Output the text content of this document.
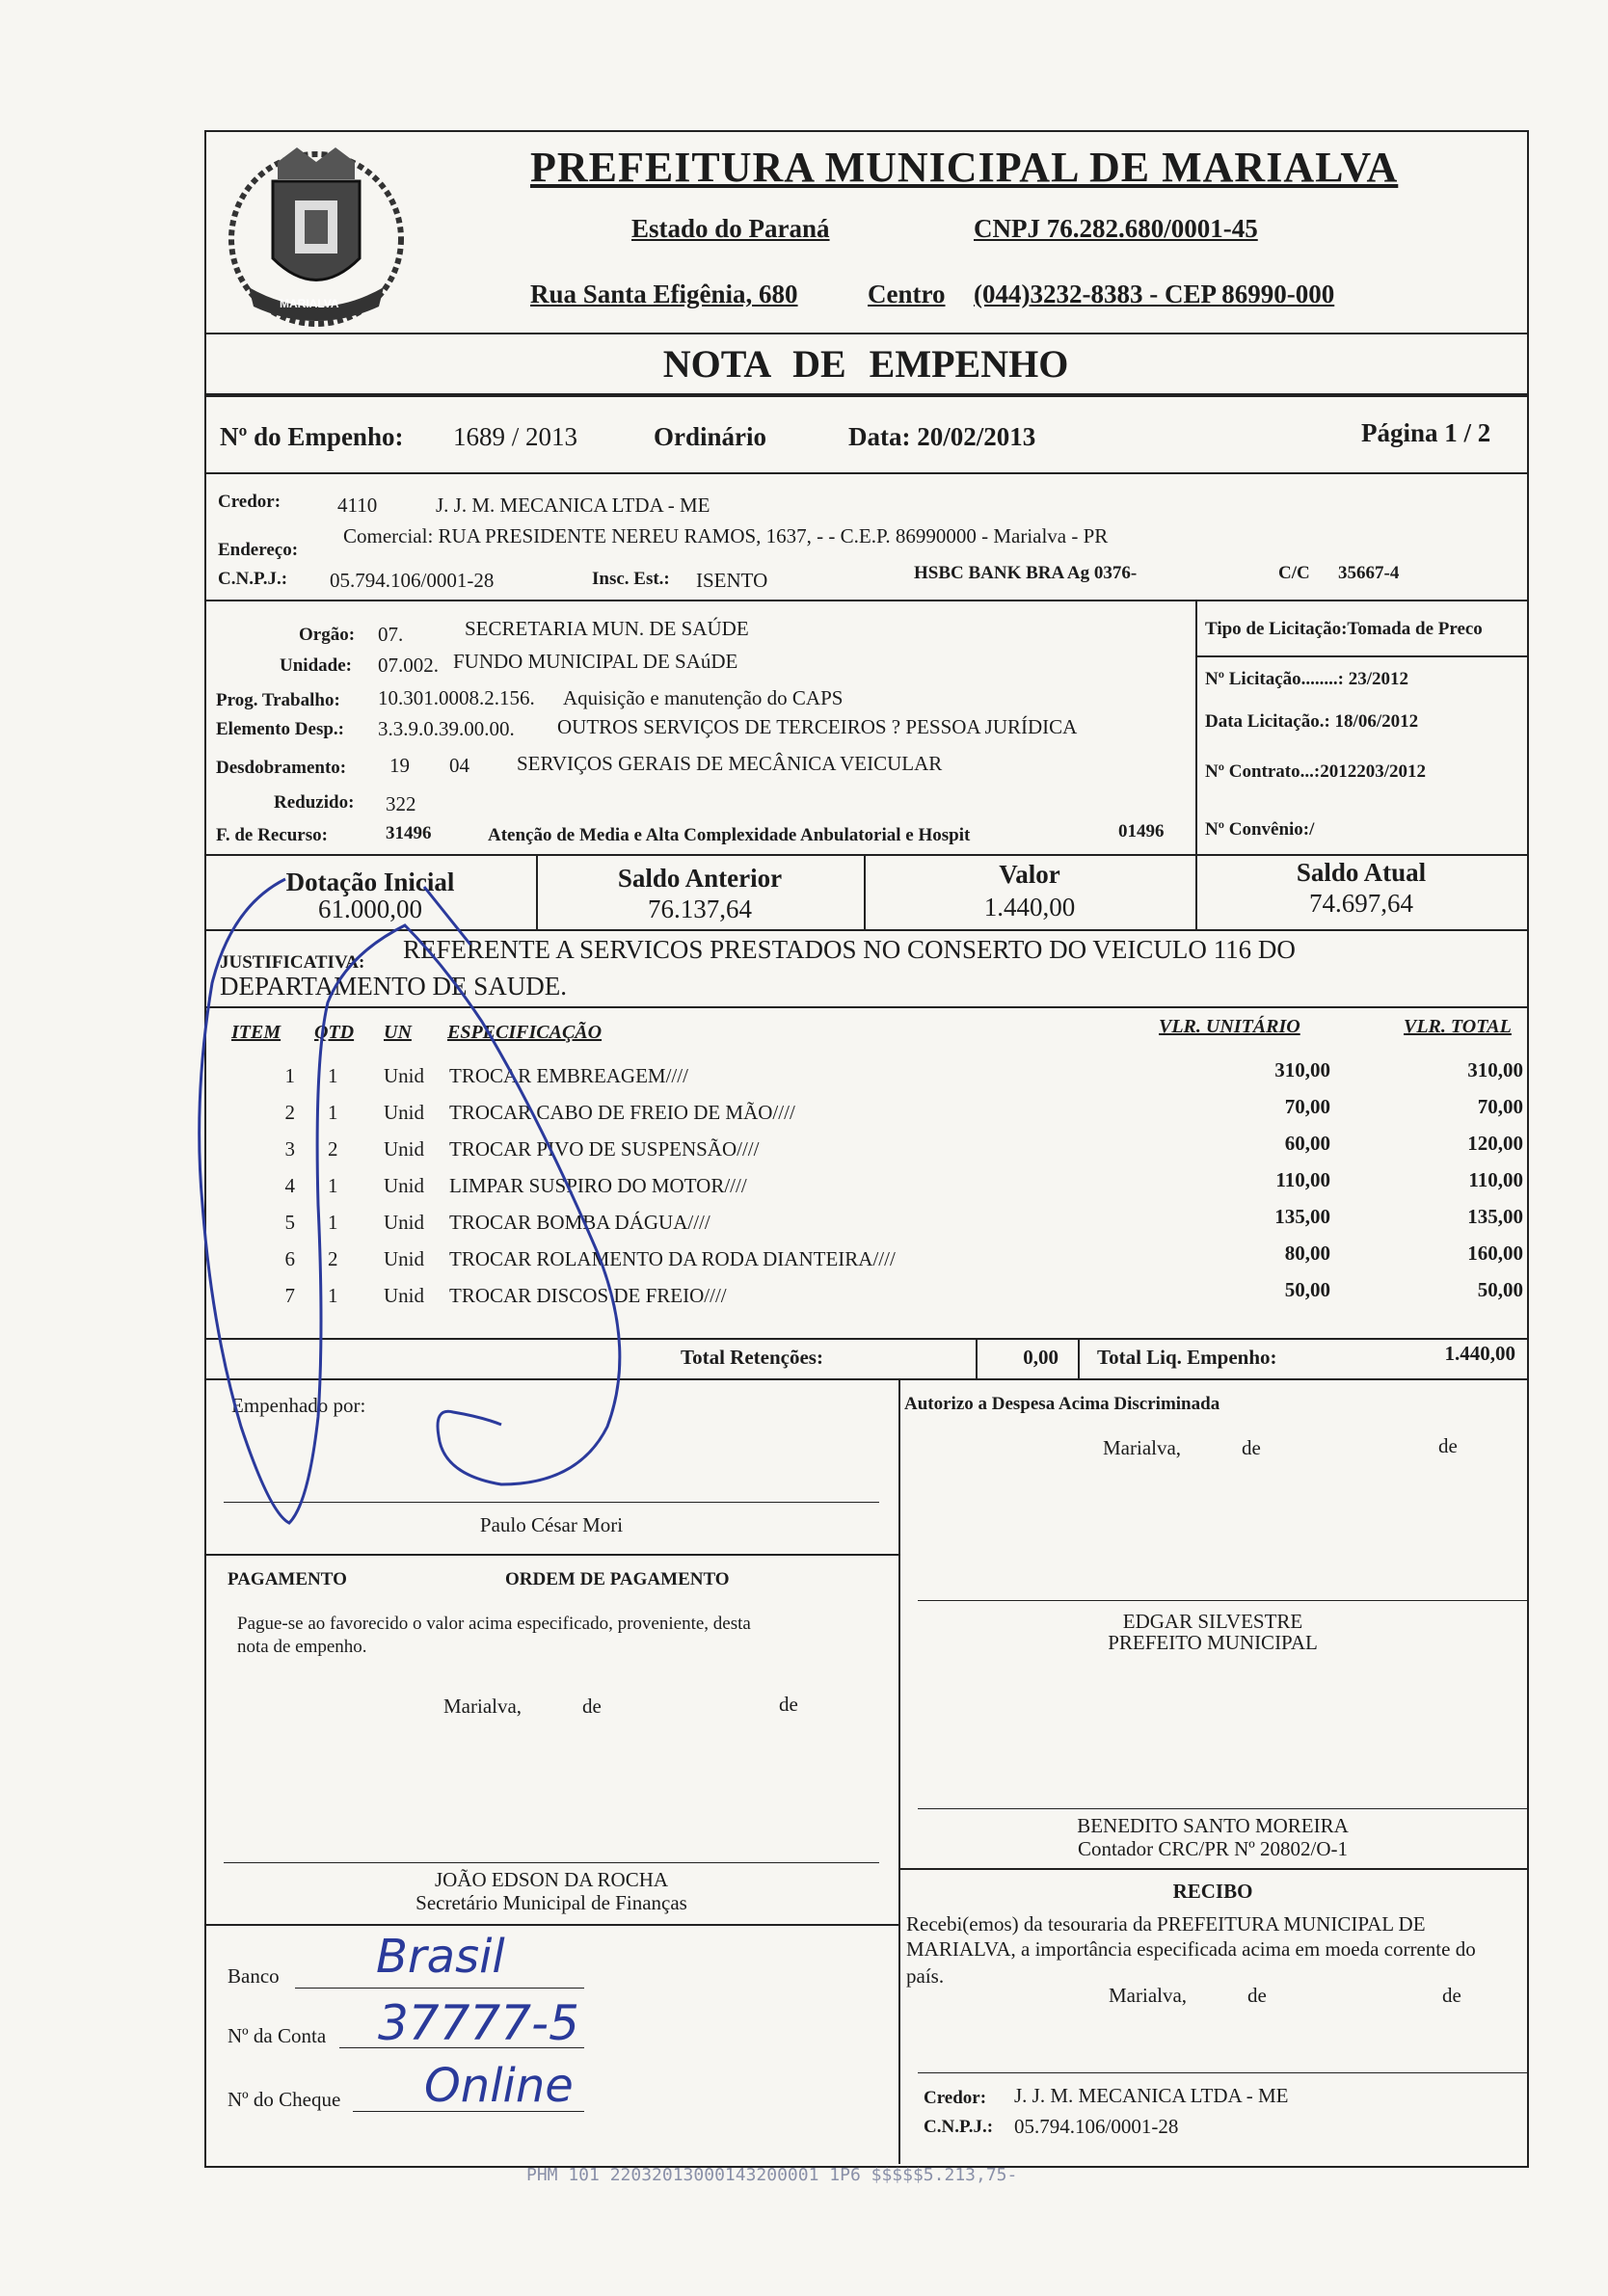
MARIALVA
PREFEITURA MUNICIPAL DE MARIALVA
Estado do Paraná	CNPJ 76.282.680/0001-45
Rua Santa Efigênia, 680	Centro (044)3232-8383 - CEP 86990-000
NOTA DE EMPENHO
Nº do Empenho: 1689 / 2013	Ordinário	Data: 20/02/2013	Página 1 / 2
Credor:	4110	J. J. M. MECANICA LTDA - ME
Endereço:
Comercial: RUA PRESIDENTE NEREU RAMOS, 1637, - - C.E.P. 86990000 - Marialva - PR
C.N.P.J.: 05.794.106/0001-28	Insc. Est.: ISENTO	HSBC BANK BRA Ag 0376-	C/C 35667-4
Orgão: 07.	SECRETARIA MUN. DE SAÚDE
Unidade: 07.002. FUNDO MUNICIPAL DE SAúDE
Prog. Trabalho: 10.301.0008.2.156. Aquisição e manutenção do CAPS
Elemento Desp.: 3.3.9.0.39.00.00. OUTROS SERVIÇOS DE TERCEIROS ? PESSOA JURÍDICA
Desdobramento: 19 04 SERVIÇOS GERAIS DE MECÂNICA VEICULAR
Reduzido: 322
F. de Recurso:	31496	Atenção de Media e Alta Complexidade Anbulatorial e Hospit	01496
Tipo de Licitação:Tomada de Preco
Nº Licitação........: 23/2012
Data Licitação.: 18/06/2012
Nº Contrato...:2012203/2012
Nº Convênio:/
Dotação Inicial
61.000,00
Saldo Anterior
76.137,64
Valor
1.440,00
Saldo Atual
74.697,64
JUSTIFICATIVA: REFERENTE A SERVICOS PRESTADOS NO CONSERTO DO VEICULO 116 DO
DEPARTAMENTO DE SAUDE.
ITEM QTD UN ESPECIFICAÇÃO	VLR. UNITÁRIO	VLR. TOTAL
1 1	Unid	TROCAR EMBREAGEM////	310,00	310,00
2 1	Unid	TROCAR CABO DE FREIO DE MÃO////	70,00	70,00
3 2	Unid	TROCAR PIVO DE SUSPENSÃO////	60,00	120,00
4 1	Unid	LIMPAR SUSPIRO DO MOTOR////	110,00	110,00
5 1	Unid	TROCAR BOMBA DÁGUA////	135,00	135,00
6 2	Unid	TROCAR ROLAMENTO DA RODA DIANTEIRA////	80,00	160,00
7 1	Unid	TROCAR DISCOS DE FREIO////	50,00	50,00
Total Retenções:	0,00 Total Liq. Empenho:	1.440,00
Empenhado por:
Paulo César Mori
Autorizo a Despesa Acima Discriminada
Marialva,	de	de
EDGAR SILVESTRE
PREFEITO MUNICIPAL
PAGAMENTO	ORDEM DE PAGAMENTO
Pague-se ao favorecido o valor acima especificado, proveniente, desta
nota de empenho.
Marialva,	de	de
BENEDITO SANTO MOREIRA
Contador CRC/PR Nº 20802/O-1
JOÃO EDSON DA ROCHA
Secretário Municipal de Finanças	RECIBO
Recebi(emos) da tesouraria da PREFEITURA MUNICIPAL DE
MARIALVA, a importância especificada acima em moeda corrente do
país.
Marialva,	de	de
Banco Brasil
Nº da Conta 37777-5
Nº do Cheque Online	Credor: J. J. M. MECANICA LTDA - ME
C.N.P.J.: 05.794.106/0001-28
PHM 101 22032013000143200001 1P6 $$$$$5.213,75-
